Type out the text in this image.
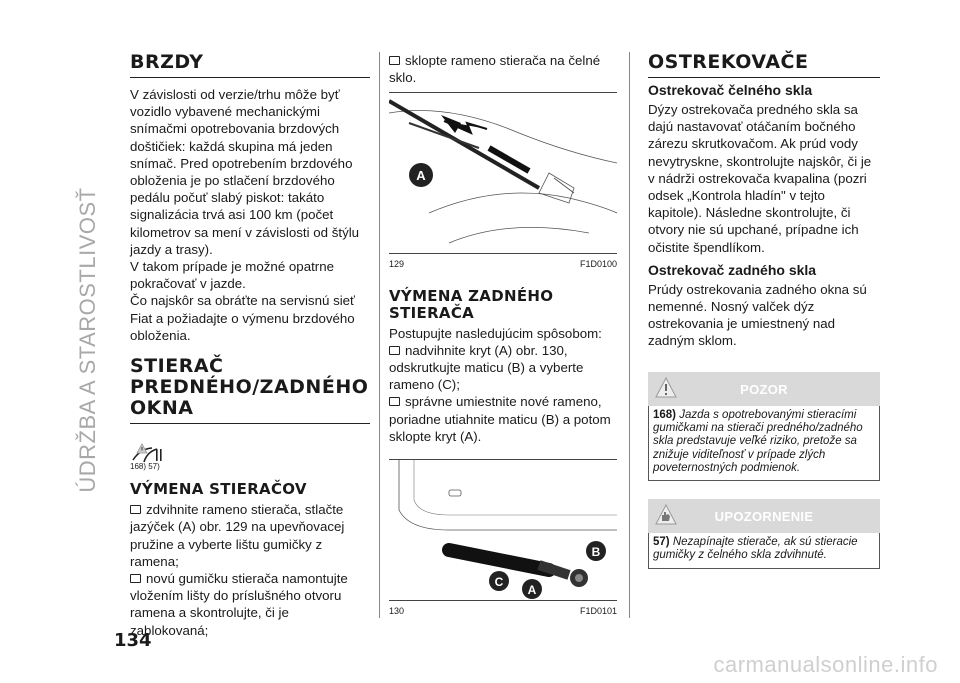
ÚDRŽBA A STAROSTLIVOSŤ
BRZDY

V závislosti od verzie/trhu môže byť vozidlo vybavené mechanickými snímačmi opotrebovania brzdových doštičiek: každá skupina má jeden snímač. Pred opotrebením brzdového obloženia je po stlačení brzdového pedálu počuť slabý piskot: takáto signalizácia trvá asi 100 km (počet kilometrov sa mení v závislosti od štýlu jazdy a trasy).

V takom prípade je možné opatrne pokračovať v jazde.

Čo najskôr sa obráťte na servisnú sieť Fiat a požiadajte o výmenu brzdového obloženia.

STIERAČ PREDNÉHO/ZADNÉHO OKNA
168) 57)
VÝMENA STIERAČOV

zdvihnite rameno stierača, stlačte jazýček (A) obr. 129 na upevňovacej pružine a vyberte lištu gumičky z ramena;

novú gumičku stierača namontujte vložením lišty do príslušného otvoru ramena a skontrolujte, či je zablokovaná;

sklopte rameno stierača na čelné sklo.

A
129	F1D0100
VÝMENA ZADNÉHO STIERAČA

Postupujte nasledujúcim spôsobom:

nadvihnite kryt (A) obr. 130, odskrutkujte maticu (B) a vyberte rameno (C);

správne umiestnite nové rameno, poriadne utiahnite maticu (B) a potom sklopte kryt (A).

B
C
A
130	F1D0101
OSTREKOVAČE
Ostrekovač čelného skla

Dýzy ostrekovača predného skla sa dajú nastavovať otáčaním bočného zárezu skrutkovačom. Ak prúd vody nevytryskne, skontrolujte najskôr, či je v nádrži ostrekovača kvapalina (pozri odsek „Kontrola hladín" v tejto kapitole). Následne skontrolujte, či otvory nie sú upchané, prípadne ich očistite špendlíkom.

Ostrekovač zadného skla

Prúdy ostrekovania zadného okna sú nemenné. Nosný valček dýz ostrekovania je umiestnený nad zadným sklom.

POZOR
168) Jazda s opotrebovanými stieracími gumičkami na stierači predného/zadného skla predstavuje veľké riziko, pretože sa znižuje viditeľnosť v prípade zlých poveternostných podmienok.
UPOZORNENIE
57) Nezapínajte stierače, ak sú stieracie gumičky z čelného skla zdvihnuté.
134
carmanualsonline.info
